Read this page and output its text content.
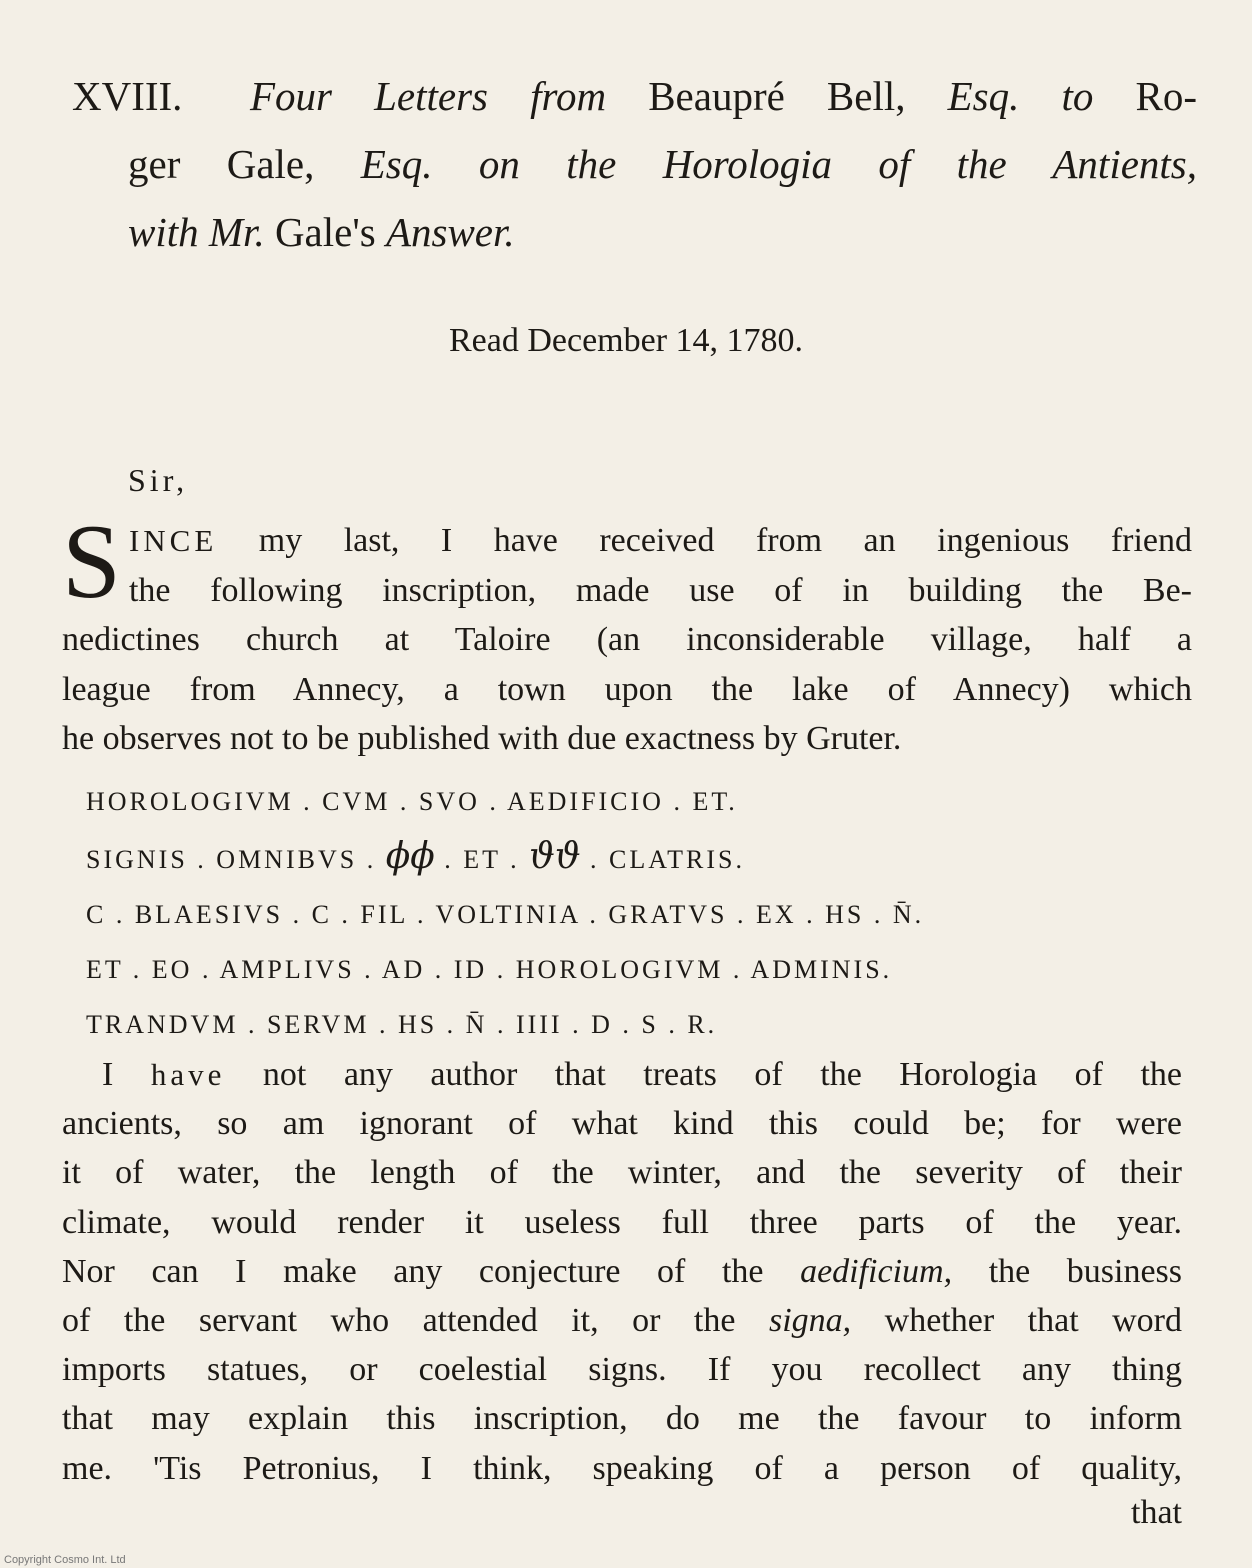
XVIII. Four Letters from Beaupré Bell, Esq. to Ro-
ger Gale, Esq. on the Horologia of the Antients,
with Mr. Gale's Answer.
Read December 14, 1780.
Sir,
S INCE my last, I have received from an ingenious friend
the following inscription, made use of in building the Be-
nedictines church at Taloire (an inconsiderable village, half a
league from Annecy, a town upon the lake of Annecy) which
he observes not to be published with due exactness by Gruter.
HOROLOGIVM . CVM . SVO . AEDIFICIO . ET.
SIGNIS . OMNIBVS . ϕϕ . ET . ϑϑ . CLATRIS.
C . BLAESIVS . C . FIL . VOLTINIA . GRATVS . EX . HS . N̄.
ET . EO . AMPLIVS . AD . ID . HOROLOGIVM . ADMINIS.
TRANDVM . SERVM . HS . N̄ . IIII . D . S . R.
I have not any author that treats of the Horologia of the
ancients, so am ignorant of what kind this could be; for were
it of water, the length of the winter, and the severity of their
climate, would render it useless full three parts of the year.
Nor can I make any conjecture of the aedificium, the business
of the servant who attended it, or the signa, whether that word
imports statues, or coelestial signs. If you recollect any thing
that may explain this inscription, do me the favour to inform
me. 'Tis Petronius, I think, speaking of a person of quality,
that
Copyright Cosmo Int. Ltd
